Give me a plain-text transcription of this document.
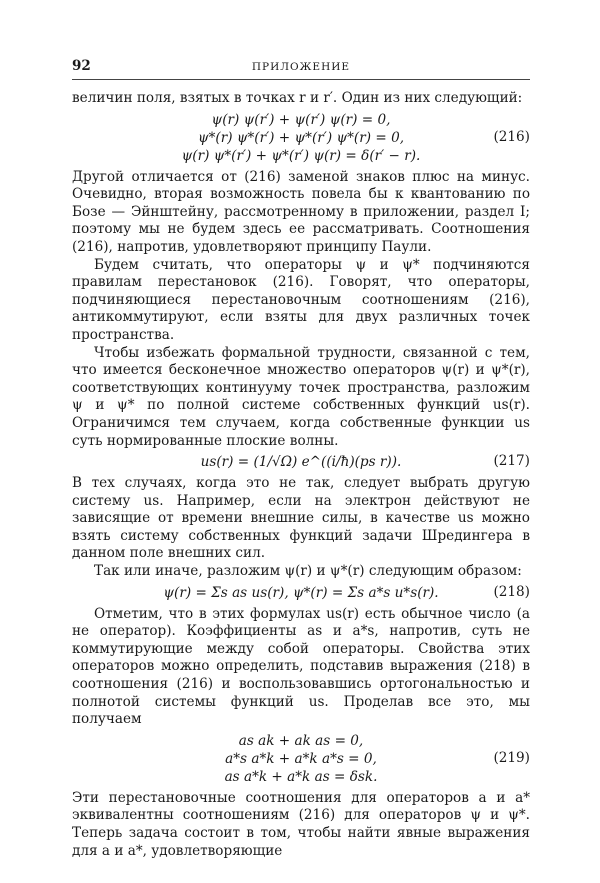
92	ПРИЛОЖЕНИЕ

величин поля, взятых в точках r и r′. Один из них следующий:

ψ(r) ψ(r′) + ψ(r′) ψ(r) = 0,
ψ*(r) ψ*(r′) + ψ*(r′) ψ*(r) = 0,
ψ(r) ψ*(r′) + ψ*(r′) ψ(r) = δ(r′ − r).
(216)

Другой отличается от (216) заменой знаков плюс на минус. Очевидно, вторая возможность повела бы к квантованию по Бозе — Эйнштейну, рассмотренному в приложении, раздел I; поэтому мы не будем здесь ее рассматривать. Соотношения (216), напротив, удовлетворяют принципу Паули.

Будем считать, что операторы ψ и ψ* подчиняются правилам перестановок (216). Говорят, что операторы, подчиняющиеся перестановочным соотношениям (216), антикоммутируют, если взяты для двух различных точек пространства.

Чтобы избежать формальной трудности, связанной с тем, что имеется бесконечное множество операторов ψ(r) и ψ*(r), соответствующих континууму точек пространства, разложим ψ и ψ* по полной системе собственных функций us(r). Ограничимся тем случаем, когда собственные функции us суть нормированные плоские волны.

us(r) = (1/√Ω) e^((i/ħ)(ps r)).	(217)

В тех случаях, когда это не так, следует выбрать другую систему us. Например, если на электрон действуют не зависящие от времени внешние силы, в качестве us можно взять систему собственных функций задачи Шредингера в данном поле внешних сил.

Так или иначе, разложим ψ(r) и ψ*(r) следующим образом:

ψ(r) = Σs as us(r), ψ*(r) = Σs a*s u*s(r).	(218)

Отметим, что в этих формулах us(r) есть обычное число (а не оператор). Коэффициенты as и a*s, напротив, суть не коммутирующие между собой операторы. Свойства этих операторов можно определить, подставив выражения (218) в соотношения (216) и воспользовавшись ортогональностью и полнотой системы функций us. Проделав все это, мы получаем

as ak + ak as = 0,
a*s a*k + a*k a*s = 0,
as a*k + a*k as = δsk.
(219)

Эти перестановочные соотношения для операторов a и a* эквивалентны соотношениям (216) для операторов ψ и ψ*. Теперь задача состоит в том, чтобы найти явные выражения для a и a*, удовлетворяющие
